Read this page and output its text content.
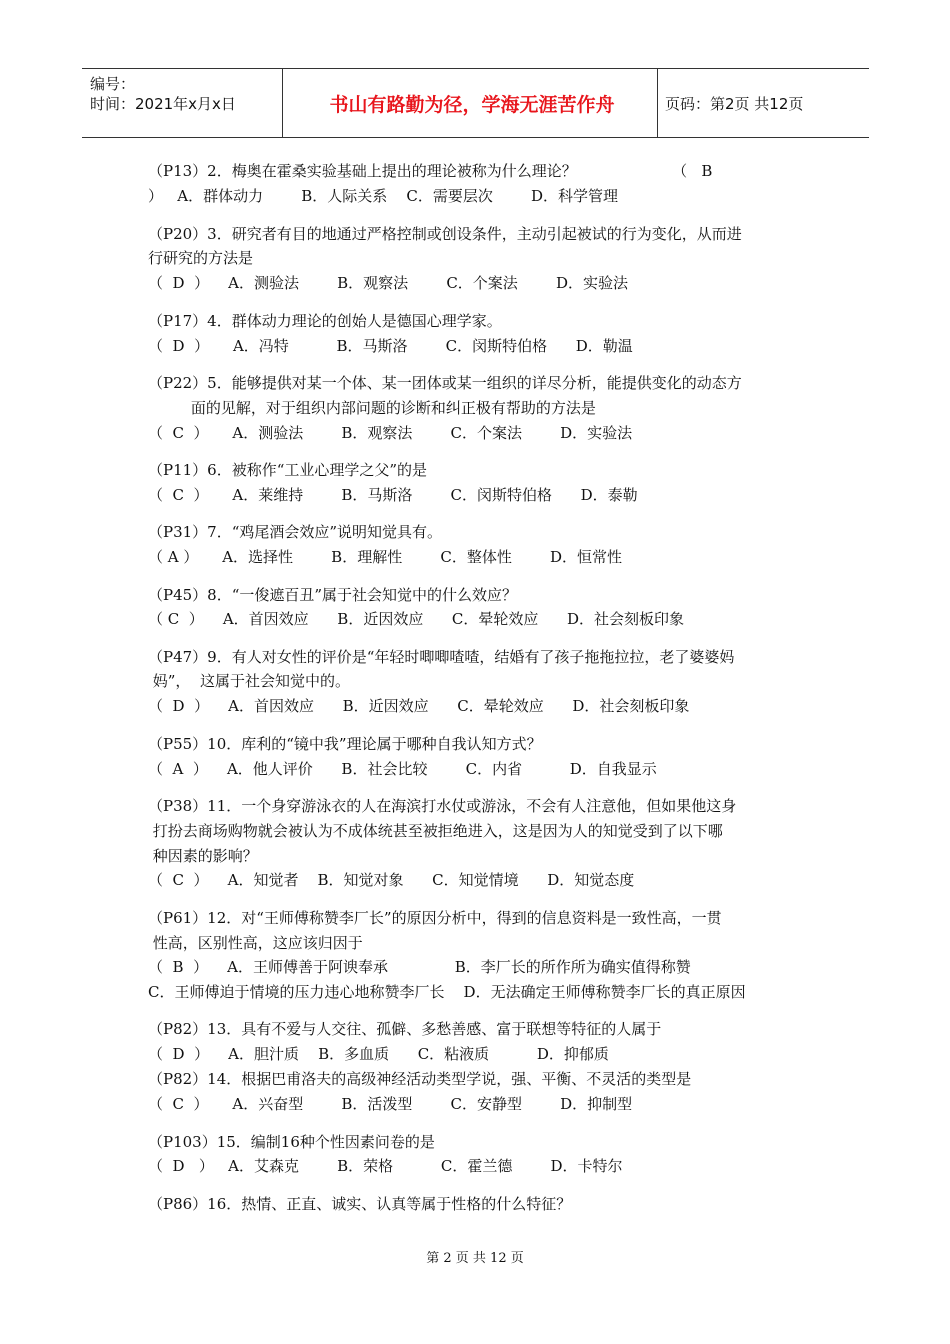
编号：
时间：2021年x月x日	书山有路勤为径，学海无涯苦作舟	页码：第2页 共12页
（P13）2．梅奥在霍桑实验基础上提出的理论被称为什么理论？                    （   B
）   A．群体动力        B．人际关系    C．需要层次        D．科学管理
（P20）3．研究者有目的地通过严格控制或创设条件，主动引起被试的行为变化，从而进
行研究的方法是
（  D  ）    A．测验法        B．观察法        C．个案法        D．实验法
（P17）4．群体动力理论的创始人是德国心理学家。
（  D  ）     A．冯特          B．马斯洛        C．闵斯特伯格      D．勒温
（P22）5．能够提供对某一个体、某一团体或某一组织的详尽分析，能提供变化的动态方
面的见解，对于组织内部问题的诊断和纠正极有帮助的方法是
（  C  ）     A．测验法        B．观察法        C．个案法        D．实验法
（P11）6．被称作“工业心理学之父”的是
（  C  ）     A．莱维持        B．马斯洛        C．闵斯特伯格      D．泰勒
（P31）7．“鸡尾酒会效应”说明知觉具有。
（ A ）     A．选择性        B．理解性        C．整体性        D．恒常性
（P45）8．“一俊遮百丑”属于社会知觉中的什么效应？
（ C  ）    A．首因效应      B．近因效应      C．晕轮效应      D．社会刻板印象
（P47）9．有人对女性的评价是“年轻时唧唧喳喳，结婚有了孩子拖拖拉拉，老了婆婆妈
妈”，  这属于社会知觉中的。
（  D  ）    A．首因效应      B．近因效应      C．晕轮效应      D．社会刻板印象
（P55）10．库利的“镜中我”理论属于哪种自我认知方式？
（  A  ）    A．他人评价      B．社会比较        C．内省          D．自我显示
（P38）11．一个身穿游泳衣的人在海滨打水仗或游泳，不会有人注意他，但如果他这身
打扮去商场购物就会被认为不成体统甚至被拒绝进入，这是因为人的知觉受到了以下哪
种因素的影响？
（  C  ）    A．知觉者    B．知觉对象      C．知觉情境      D．知觉态度
（P61）12．对“王师傅称赞李厂长”的原因分析中，得到的信息资料是一致性高，一贯
性高，区别性高，这应该归因于
（  B  ）    A．王师傅善于阿谀奉承              B．李厂长的所作所为确实值得称赞
C．王师傅迫于情境的压力违心地称赞李厂长    D．无法确定王师傅称赞李厂长的真正原因
（P82）13．具有不爱与人交往、孤僻、多愁善感、富于联想等特征的人属于
（  D  ）    A．胆汁质    B．多血质      C．粘液质          D．抑郁质
（P82）14．根据巴甫洛夫的高级神经活动类型学说，强、平衡、不灵活的类型是
（  C  ）     A．兴奋型        B．活泼型        C．安静型        D．抑制型
（P103）15．编制16种个性因素问卷的是
（  D   ）   A．艾森克        B．荣格          C．霍兰德        D．卡特尔
（P86）16．热情、正直、诚实、认真等属于性格的什么特征？
第 2 页 共 12 页
